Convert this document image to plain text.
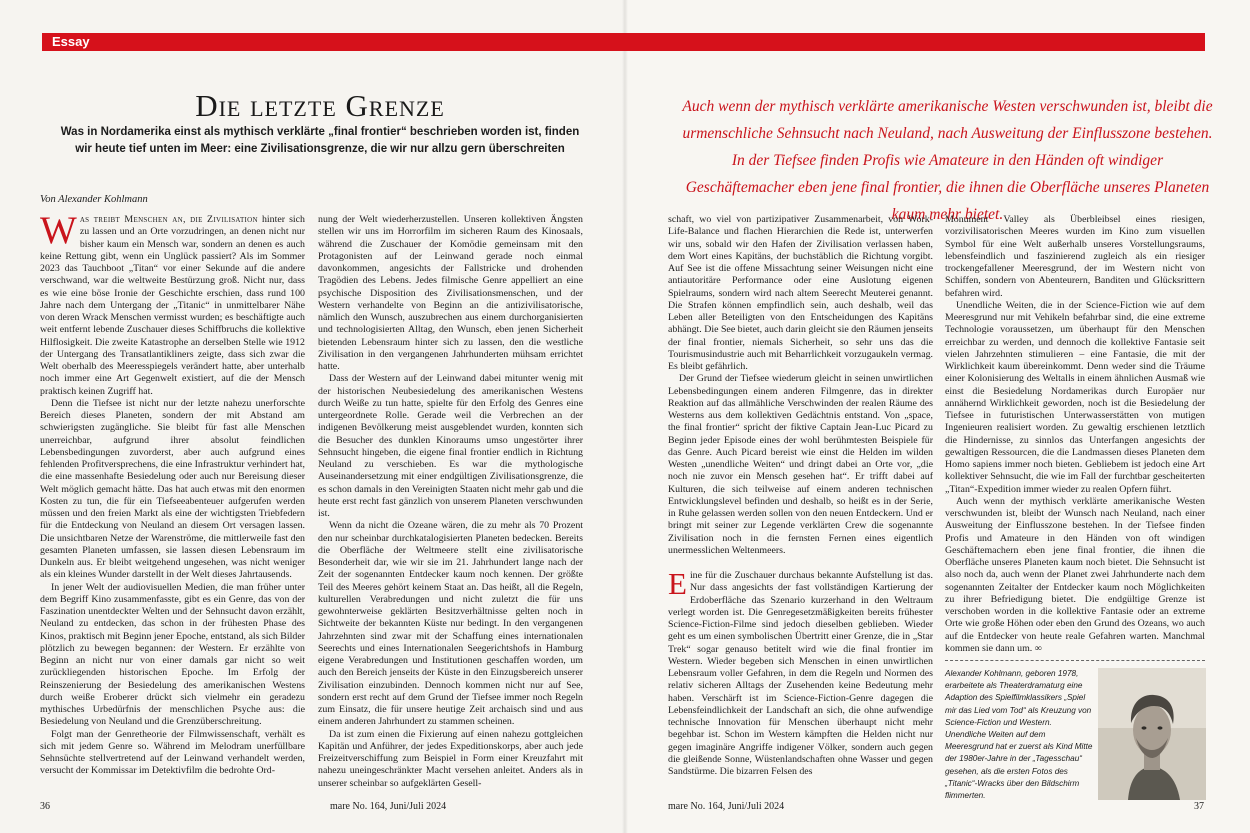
Essay
Die letzte Grenze
Was in Nordamerika einst als mythisch verklärte „final frontier“ beschrieben worden ist, finden wir heute tief unten im Meer: eine Zivilisationsgrenze, die wir nur allzu gern überschreiten
Von Alexander Kohlmann
Auch wenn der mythisch verklärte amerikanische Westen verschwunden ist, bleibt die urmenschliche Sehnsucht nach Neuland, nach Ausweitung der Einflusszone bestehen. In der Tiefsee finden Profis wie Amateure in den Händen oft windiger Geschäftemacher eben jene final frontier, die ihnen die Oberfläche unseres Planeten kaum mehr bietet.

Was treibt Menschen an, die Zivilisation hinter sich zu lassen und an Orte vorzudringen, an denen nicht nur bisher kaum ein Mensch war, sondern an denen es auch keine Rettung gibt, wenn ein Unglück passiert? Als im Sommer 2023 das Tauchboot „Titan“ vor einer Sekunde auf die andere verschwand, war die weltweite Bestürzung groß. Nicht nur, dass es wie eine böse Ironie der Geschichte erschien, dass rund 100 Jahre nach dem Untergang der „Titanic“ in unmittelbarer Nähe von deren Wrack Menschen vermisst wurden; es beschäftigte auch weit entfernt lebende Zuschauer dieses Schiffbruchs die kollektive Hilflosigkeit. Die zweite Katastrophe an derselben Stelle wie 1912 der Untergang des Transatlantikliners zeigte, dass sich zwar die Welt oberhalb des Meeresspiegels verändert hatte, aber unterhalb noch immer eine Art Gegenwelt existiert, auf die der Mensch praktisch keinen Zugriff hat.

Denn die Tiefsee ist nicht nur der letzte nahezu unerforschte Bereich dieses Planeten, sondern der mit Abstand am schwierigsten zugängliche. Sie bleibt für fast alle Menschen unerreichbar, aufgrund ihrer absolut feindlichen Lebensbedingungen zuvorderst, aber auch aufgrund eines fehlenden Profitversprechens, die eine Infrastruktur verhindert hat, die eine massenhafte Besiedelung oder auch nur Bereisung dieser Welt möglich gemacht hätte. Das hat auch etwas mit den enormen Kosten zu tun, die für ein Tiefseeabenteuer aufgerufen werden müssen und den freien Markt als eine der wichtigsten Triebfedern für die Entdeckung von Neuland an diesem Ort versagen lassen. Die unsichtbaren Netze der Warenströme, die mittlerweile fast den gesamten Planeten umfassen, sie lassen diesen Lebensraum im Dunkeln aus. Er bleibt weitgehend ungesehen, was nicht weniger als ein kleines Wunder darstellt in der Welt dieses Jahrtausends.

In jener Welt der audiovisuellen Medien, die man früher unter dem Begriff Kino zusammenfasste, gibt es ein Genre, das von der Faszination unentdeckter Welten und der Sehnsucht davon erzählt, Neuland zu entdecken, das schon in der frühesten Phase des Kinos, praktisch mit Beginn jener Epoche, entstand, als sich Bilder plötzlich zu bewegen begannen: der Western. Er erzählte von Beginn an nicht nur von einer damals gar nicht so weit zurückliegenden historischen Epoche. Im Erfolg der Reinszenierung der Besiedelung des amerikanischen Westens durch weiße Eroberer drückt sich vielmehr ein geradezu mythisches Urbedürfnis der menschlichen Psyche aus: die Besiedelung von Neuland und die Grenzüberschreitung.

Folgt man der Genretheorie der Filmwissenschaft, verhält es sich mit jedem Genre so. Während im Melodram unerfüllbare Sehnsüchte stellvertretend auf der Leinwand verhandelt werden, versucht der Kommissar im Detektivfilm die bedrohte Ord-

nung der Welt wiederherzustellen. Unseren kollektiven Ängsten stellen wir uns im Horrorfilm im sicheren Raum des Kinosaals, während die Zuschauer der Komödie gemeinsam mit den Protagonisten auf der Leinwand gerade noch einmal davonkommen, angesichts der Fallstricke und drohenden Tragödien des Lebens. Jedes filmische Genre appelliert an eine psychische Disposition des Zivilisationsmenschen, und der Western verhandelte von Beginn an die antizivilisatorische, nämlich den Wunsch, auszubrechen aus einem durchorganisierten und technologisierten Alltag, den Wunsch, eben jenen Sicherheit bietenden Lebensraum hinter sich zu lassen, den die westliche Zivilisation in den vergangenen Jahrhunderten mühsam errichtet hatte.

Dass der Western auf der Leinwand dabei mitunter wenig mit der historischen Neubesiedelung des amerikanischen Westens durch Weiße zu tun hatte, spielte für den Erfolg des Genres eine untergeordnete Rolle. Gerade weil die Verbrechen an der indigenen Bevölkerung meist ausgeblendet wurden, konnten sich die Besucher des dunklen Kinoraums umso ungestörter ihrer Sehnsucht hingeben, die eigene final frontier endlich in Richtung Neuland zu verschieben. Es war die mythologische Auseinandersetzung mit einer endgültigen Zivilisationsgrenze, die es schon damals in den Vereinigten Staaten nicht mehr gab und die heute erst recht fast gänzlich von unserem Planeten verschwunden ist.

Wenn da nicht die Ozeane wären, die zu mehr als 70 Prozent den nur scheinbar durchkatalogisierten Planeten bedecken. Bereits die Oberfläche der Weltmeere stellt eine zivilisatorische Besonderheit dar, wie wir sie im 21. Jahrhundert lange nach der Zeit der sogenannten Entdecker kaum noch kennen. Der größte Teil des Meeres gehört keinem Staat an. Das heißt, all die Regeln, kulturellen Verabredungen und nicht zuletzt die für uns gewohnterweise geklärten Besitzverhältnisse gelten noch in Sichtweite der bekannten Küste nur bedingt. In den vergangenen Jahrzehnten sind zwar mit der Schaffung eines internationalen Seerechts und eines Internationalen Seegerichtshofs in Hamburg eigene Verabredungen und Institutionen geschaffen worden, um auch den Bereich jenseits der Küste in den Einzugsbereich unserer Zivilisation einzubinden. Dennoch kommen nicht nur auf See, sondern erst recht auf dem Grund der Tiefsee immer noch Regeln zum Einsatz, die für unsere heutige Zeit archaisch sind und aus einem anderen Jahrhundert zu stammen scheinen.

Da ist zum einen die Fixierung auf einen nahezu gottgleichen Kapitän und Anführer, der jedes Expeditionskorps, aber auch jede Freizeitverschiffung zum Beispiel in Form einer Kreuzfahrt mit nahezu uneingeschränkter Macht versehen anleitet. Anders als in unserer scheinbar so aufgeklärten Gesell-

schaft, wo viel von partizipativer Zusammenarbeit, von Work-Life-Balance und flachen Hierarchien die Rede ist, unterwerfen wir uns, sobald wir den Hafen der Zivilisation verlassen haben, dem Wort eines Kapitäns, der buchstäblich die Richtung vorgibt. Auf See ist die offene Missachtung seiner Weisungen nicht eine antiautoritäre Performance oder eine Auslotung eigenen Spielraums, sondern wird nach altem Seerecht Meuterei genannt. Die Strafen können empfindlich sein, auch deshalb, weil das Leben aller Beteiligten von den Entscheidungen des Kapitäns abhängt. Die See bietet, auch darin gleicht sie den Räumen jenseits der final frontier, niemals Sicherheit, so sehr uns das die Tourismusindustrie auch mit Beharrlichkeit vorzugaukeln vermag. Es bleibt gefährlich.

Der Grund der Tiefsee wiederum gleicht in seinen unwirtlichen Lebensbedingungen einem anderen Filmgenre, das in direkter Reaktion auf das allmähliche Verschwinden der realen Räume des Westerns aus dem kollektiven Gedächtnis entstand. Von „space, the final frontier“ spricht der fiktive Captain Jean-Luc Picard zu Beginn jeder Episode eines der wohl berühmtesten Beispiele für das Genre. Auch Picard bereist wie einst die Helden im wilden Westen „unendliche Weiten“ und dringt dabei an Orte vor, „die noch nie zuvor ein Mensch gesehen hat“. Er trifft dabei auf Kulturen, die sich teilweise auf einem anderen technischen Entwicklungslevel befinden und deshalb, so heißt es in der Serie, in Ruhe gelassen werden sollen von den neuen Entdeckern. Und er bringt mit seiner zur Legende verklärten Crew die sogenannte Zivilisation noch in die fernsten Fernen eines eigentlich unermesslichen Weltenmeers.

Eine für die Zuschauer durchaus bekannte Aufstellung ist das. Nur dass angesichts der fast vollständigen Kartierung der Erdoberfläche das Szenario kurzerhand in den Weltraum verlegt worden ist. Die Genregesetzmäßigkeiten bereits frühester Science-Fiction-Filme sind jedoch dieselben geblieben. Wieder geht es um einen symbolischen Übertritt einer Grenze, die in „Star Trek“ sogar genauso betitelt wird wie die final frontier im Western. Wieder begeben sich Menschen in einen unwirtlichen Lebensraum voller Gefahren, in dem die Regeln und Normen des relativ sicheren Alltags der Zusehenden keine Bedeutung mehr haben. Verschärft ist im Science-Fiction-Genre dagegen die Lebensfeindlichkeit der Landschaft an sich, die ohne aufwendige technische Innovation für Menschen überhaupt nicht mehr begehbar ist. Schon im Western kämpften die Helden nicht nur gegen imaginäre Angriffe indigener Völker, sondern auch gegen die gleißende Sonne, Wüstenlandschaften ohne Wasser und gegen Sandstürme. Die bizarren Felsen des

Monument Valley als Überbleibsel eines riesigen, vorzivilisatorischen Meeres wurden im Kino zum visuellen Symbol für eine Welt außerhalb unseres Vorstellungsraums, lebensfeindlich und faszinierend zugleich als ein riesiger trockengefallener Meeresgrund, der im Western nicht von Schiffen, sondern von Abenteurern, Banditen und Glücksrittern befahren wird.

Unendliche Weiten, die in der Science-Fiction wie auf dem Meeresgrund nur mit Vehikeln befahrbar sind, die eine extreme Technologie voraussetzen, um überhaupt für den Menschen erreichbar zu werden, und dennoch die kollektive Fantasie seit vielen Jahrzehnten stimulieren – eine Fantasie, die mit der Wirklichkeit kaum übereinkommt. Denn weder sind die Träume einer Kolonisierung des Weltalls in einem ähnlichen Ausmaß wie einst die Besiedelung Nordamerikas durch Europäer nur annähernd Wirklichkeit geworden, noch ist die Besiedelung der Tiefsee in futuristischen Unterwasserstätten von mutigen Ingenieuren realisiert worden. Zu gewaltig erschienen letztlich die Hindernisse, zu sinnlos das Unterfangen angesichts der gewaltigen Ressourcen, die die Landmassen dieses Planeten dem Homo sapiens immer noch bieten. Gebliebem ist jedoch eine Art kollektiver Sehnsucht, die wie im Fall der furchtbar gescheiterten „Titan“-Expedition immer wieder zu realen Opfern führt.

Auch wenn der mythisch verklärte amerikanische Westen verschwunden ist, bleibt der Wunsch nach Neuland, nach einer Ausweitung der Einflusszone bestehen. In der Tiefsee finden Profis und Amateure in den Händen von oft windigen Geschäftemachern eben jene final frontier, die ihnen die Oberfläche unseres Planeten kaum noch bietet. Die Sehnsucht ist also noch da, auch wenn der Planet zwei Jahrhunderte nach dem sogenannten Zeitalter der Entdecker kaum noch Möglichkeiten zu ihrer Befriedigung bietet. Die endgültige Grenze ist verschoben worden in die kollektive Fantasie oder an extreme Orte wie große Höhen oder eben den Grund des Ozeans, wo auch auf die Entdecker von heute reale Gefahren warten. Manchmal kommen sie dann um. ∞

Alexander Kohlmann, geboren 1978, erarbeitete als Theaterdramaturg eine Adaption des Spielfilmklassikers „Spiel mir das Lied vom Tod“ als Kreuzung von Science-Fiction und Western. Unendliche Weiten auf dem Meeresgrund hat er zuerst als Kind Mitte der 1980er-Jahre in der „Tagesschau“ gesehen, als die ersten Fotos des „Titanic“-Wracks über den Bildschirm flimmerten.
36	mare No. 164, Juni/Juli 2024	mare No. 164, Juni/Juli 2024	37
